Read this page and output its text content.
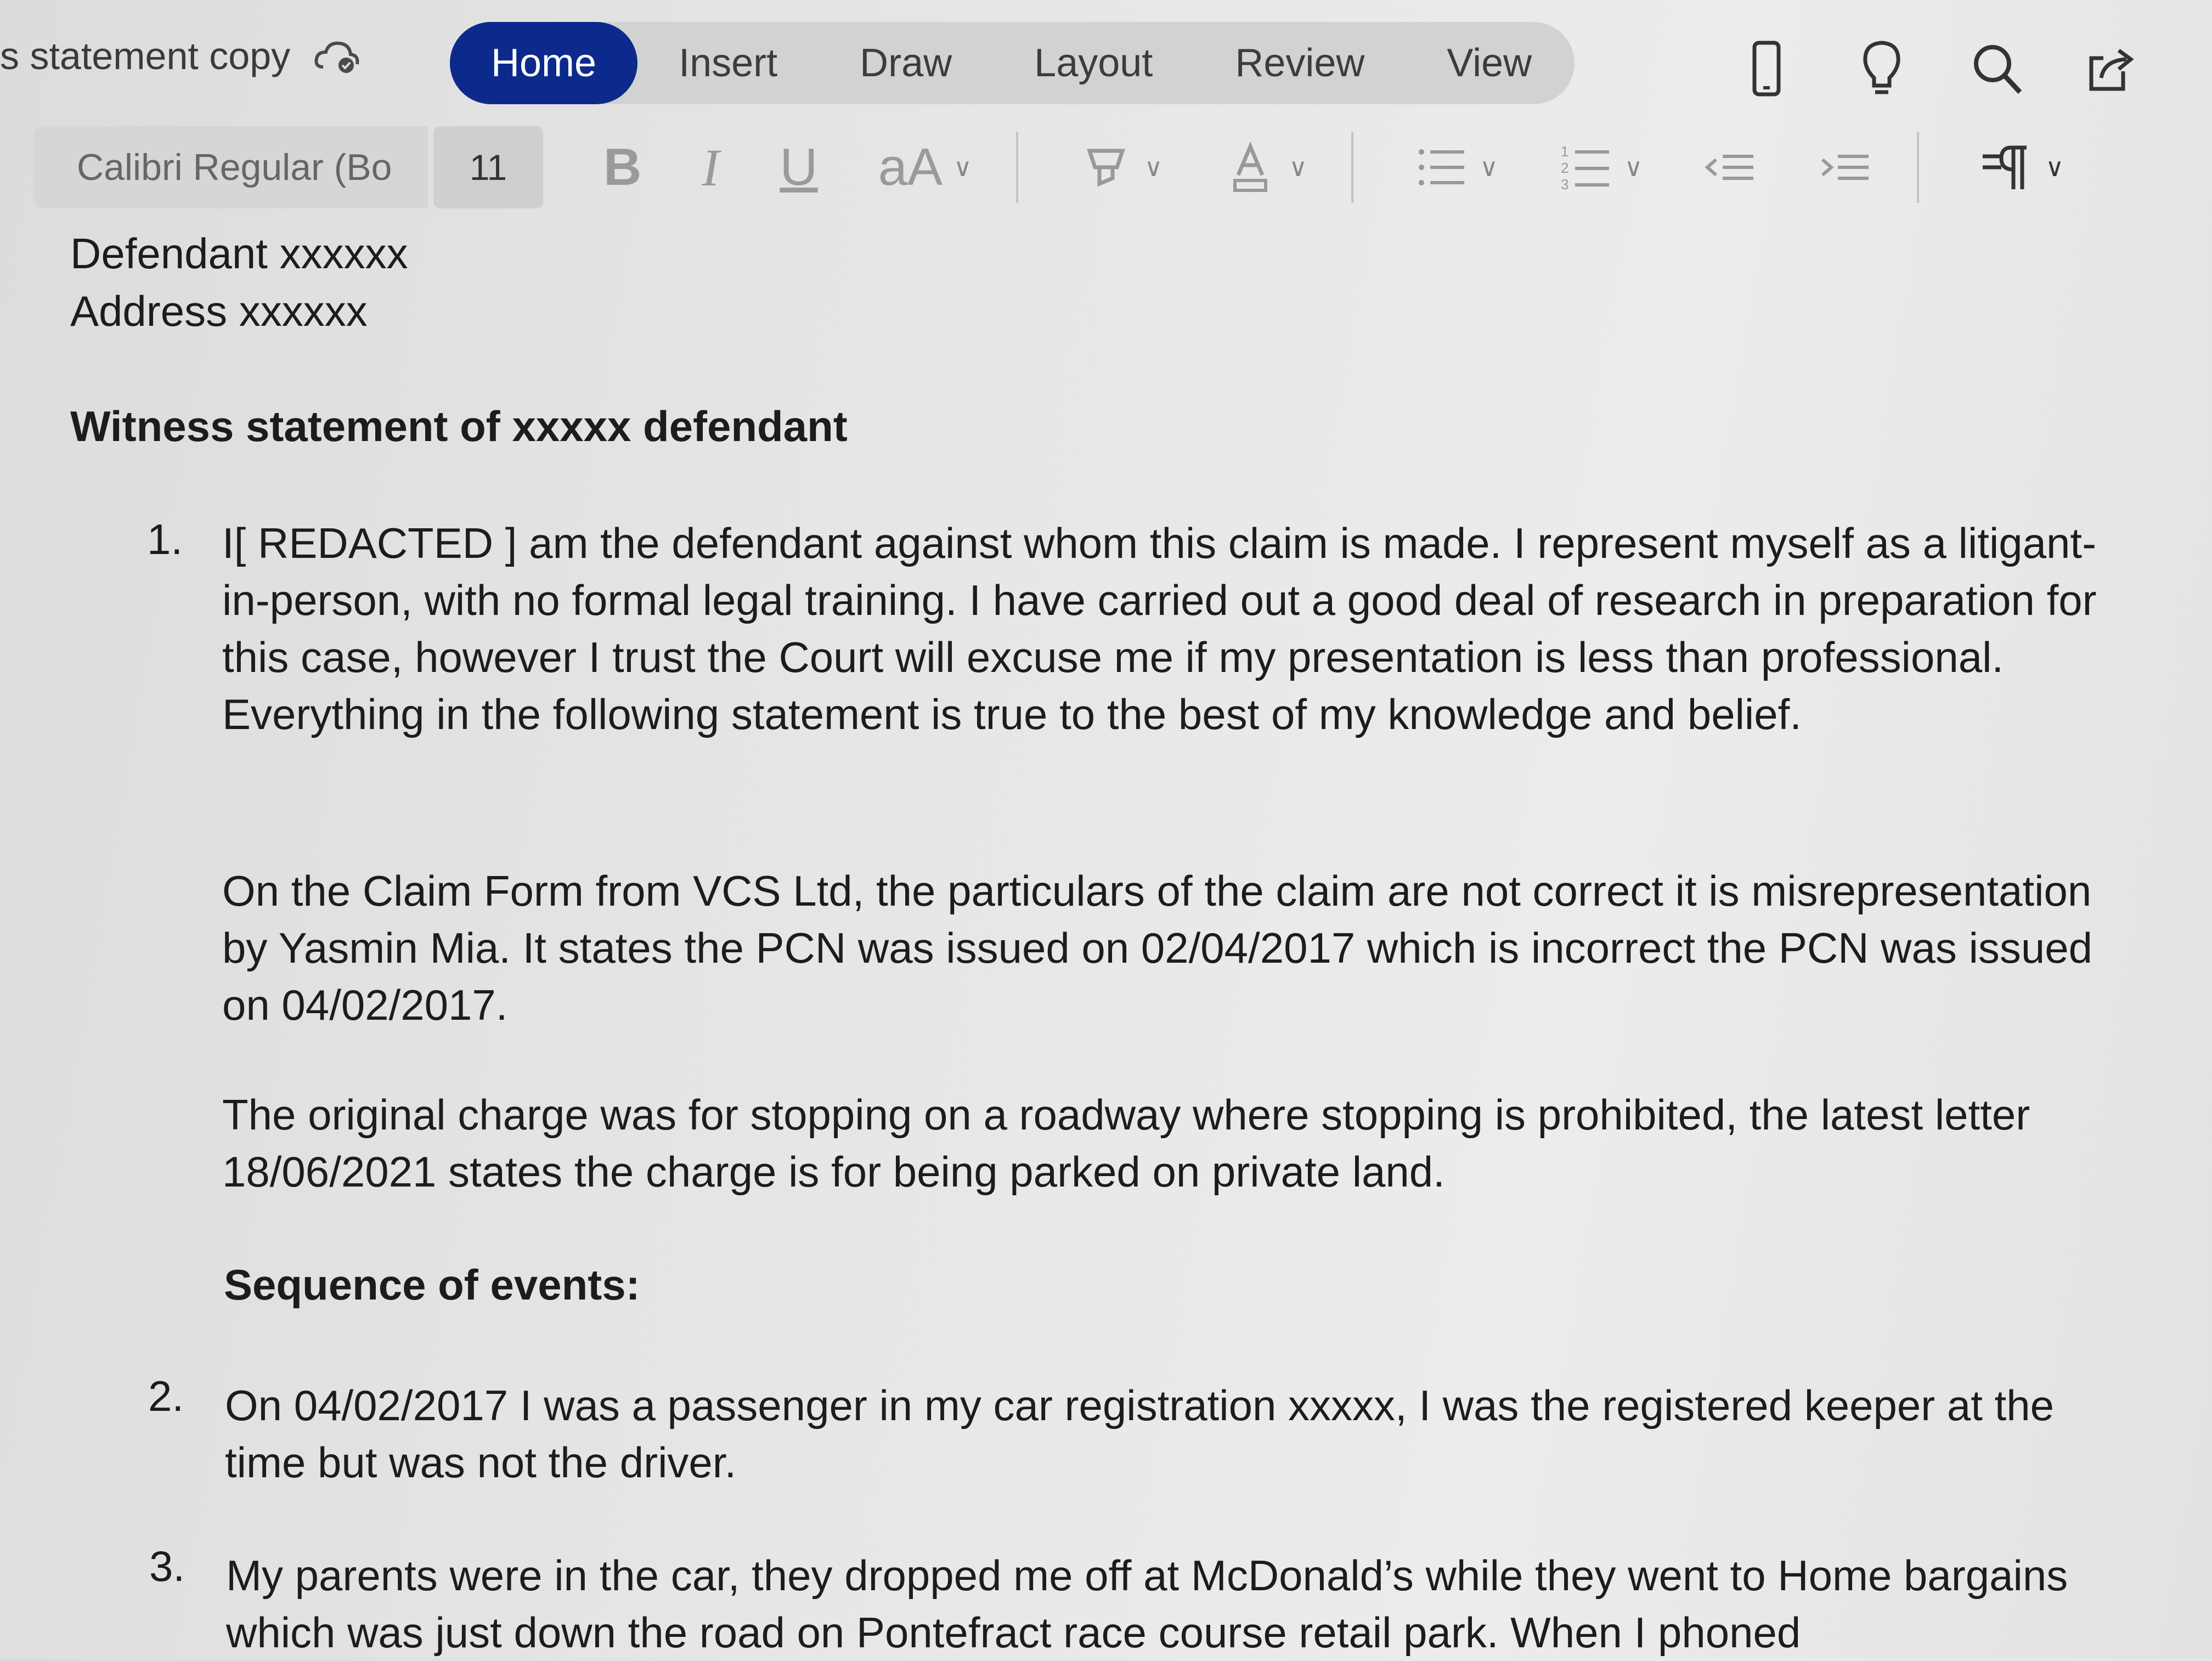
s statement copy	Home	Insert	Draw	Layout	Review	View
Calibri Regular (Bo	11	B I U aA ∨	∨	∨	∨
1
2
3
∨	∨
Defendant xxxxxx
Address xxxxxx
Witness statement of xxxxx defendant
1. I[ REDACTED ] am the defendant against whom this claim is made. I represent myself as a litigant-in-person, with no formal legal training. I have carried out a good deal of research in preparation for this case, however I trust the Court will excuse me if my presentation is less than professional. Everything in the following statement is true to the best of my knowledge and belief.
On the Claim Form from VCS Ltd, the particulars of the claim are not correct it is misrepresentation by Yasmin Mia. It states the PCN was issued on 02/04/2017 which is incorrect the PCN was issued on 04/02/2017.
The original charge was for stopping on a roadway where stopping is prohibited, the latest letter 18/06/2021 states the charge is for being parked on private land.
Sequence of events:
2. On 04/02/2017 I was a passenger in my car registration xxxxx, I was the registered keeper at the time but was not the driver.
3. My parents were in the car, they dropped me off at McDonald’s while they went to Home bargains which was just down the road on Pontefract race course retail park. When I phoned
